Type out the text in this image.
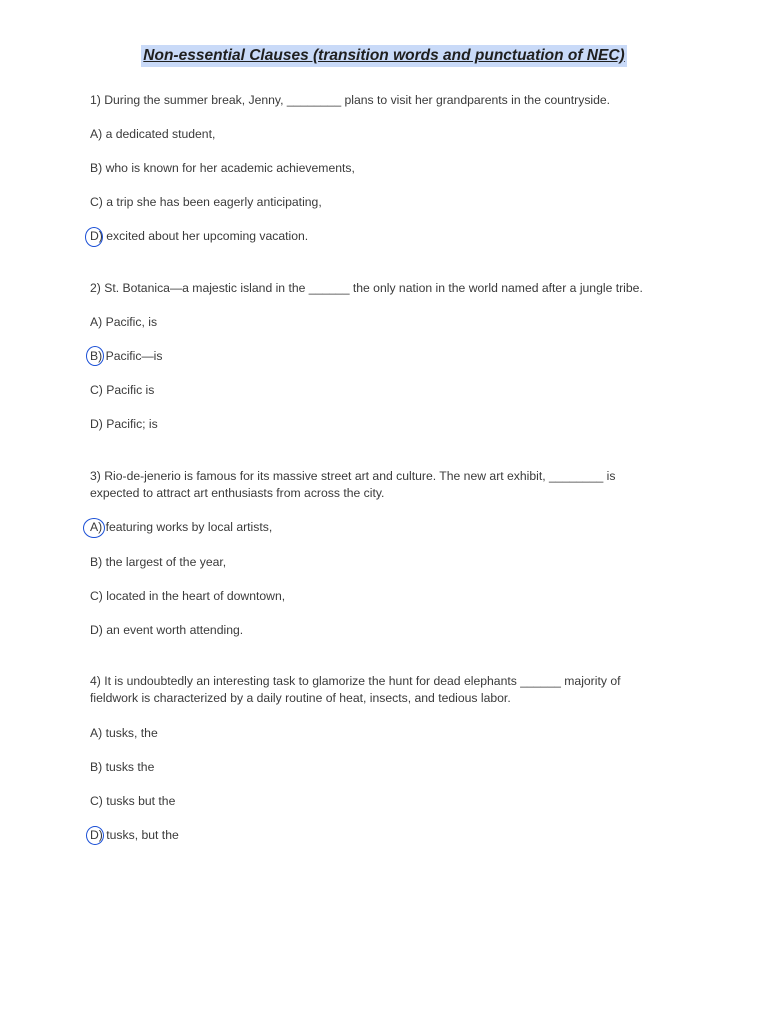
Non-essential Clauses (transition words and punctuation of NEC)
1) During the summer break, Jenny, ________ plans to visit her grandparents in the countryside.
A) a dedicated student,
B) who is known for her academic achievements,
C) a trip she has been eagerly anticipating,
D) excited about her upcoming vacation.
2) St. Botanica—a majestic island in the ______ the only nation in the world named after a jungle tribe.
A) Pacific, is
B) Pacific—is
C) Pacific is
D) Pacific; is
3) Rio-de-jenerio is famous for its massive street art and culture. The new art exhibit, ________ is expected to attract art enthusiasts from across the city.
A) featuring works by local artists,
B) the largest of the year,
C) located in the heart of downtown,
D) an event worth attending.
4) It is undoubtedly an interesting task to glamorize the hunt for dead elephants ______ majority of fieldwork is characterized by a daily routine of heat, insects, and tedious labor.
A) tusks, the
B) tusks the
C) tusks but the
D) tusks, but the
